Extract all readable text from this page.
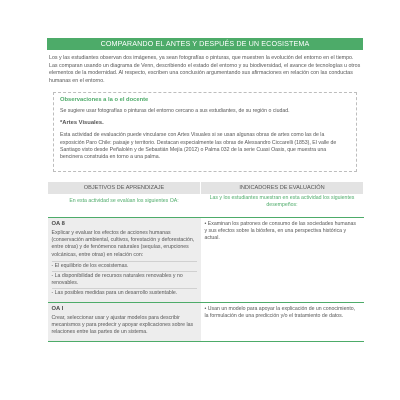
COMPARANDO EL ANTES Y DESPUÉS DE UN ECOSISTEMA

Los y las estudiantes observan dos imágenes, ya sean fotografías o pinturas, que muestren la evolución del entorno en el tiempo. Las comparan usando un diagrama de Venn, describiendo el estado del entorno y su biodiversidad, el avance de tecnologías u otros elementos de la modernidad. Al respecto, escriben una conclusión argumentando sus afirmaciones en relación con las conductas humanas en el entorno.

Observaciones a la o el docente

Se sugiere usar fotografías o pinturas del entorno cercano a sus estudiantes, de su región o ciudad.

*Artes Visuales.

Esta actividad de evaluación puede vincularse con Artes Visuales si se usan algunas obras de artes como las de la exposición Paro Chile: paisaje y territorio. Destacan especialmente las obras de Alessandro Ciccarelli (1853), El valle de Santiago visto desde Peñalolén y de Sebastián Mejía (2012) o Palma 032 de la serie Cuasi Oasis, que muestra una bencinera construida en torno a una palma.

OBJETIVOS DE APRENDIZAJE	INDICADORES DE EVALUACIÓN
En esta actividad se evalúan los siguientes OA:	Las y los estudiantes muestran en esta actividad los siguientes desempeños:

OA 8

Explicar y evaluar los efectos de acciones humanas (conservación ambiental, cultivos, forestación y deforestación, entre otras) y de fenómenos naturales (sequías, erupciones volcánicas, entre otras) en relación con:

- El equilibrio de los ecosistemas.

- La disponibilidad de recursos naturales renovables y no renovables.

- Las posibles medidas para un desarrollo sustentable.	• Examinan los patrones de consumo de las sociedades humanas y sus efectos sobre la biósfera, en una perspectiva histórica y actual.

OA I

Crear, seleccionar usar y ajustar modelos para describir mecanismos y para predecir y apoyar explicaciones sobre las relaciones entre las partes de un sistema.	• Usan un modelo para apoyar la explicación de un conocimiento, la formulación de una predicción y/o el tratamiento de datos.
